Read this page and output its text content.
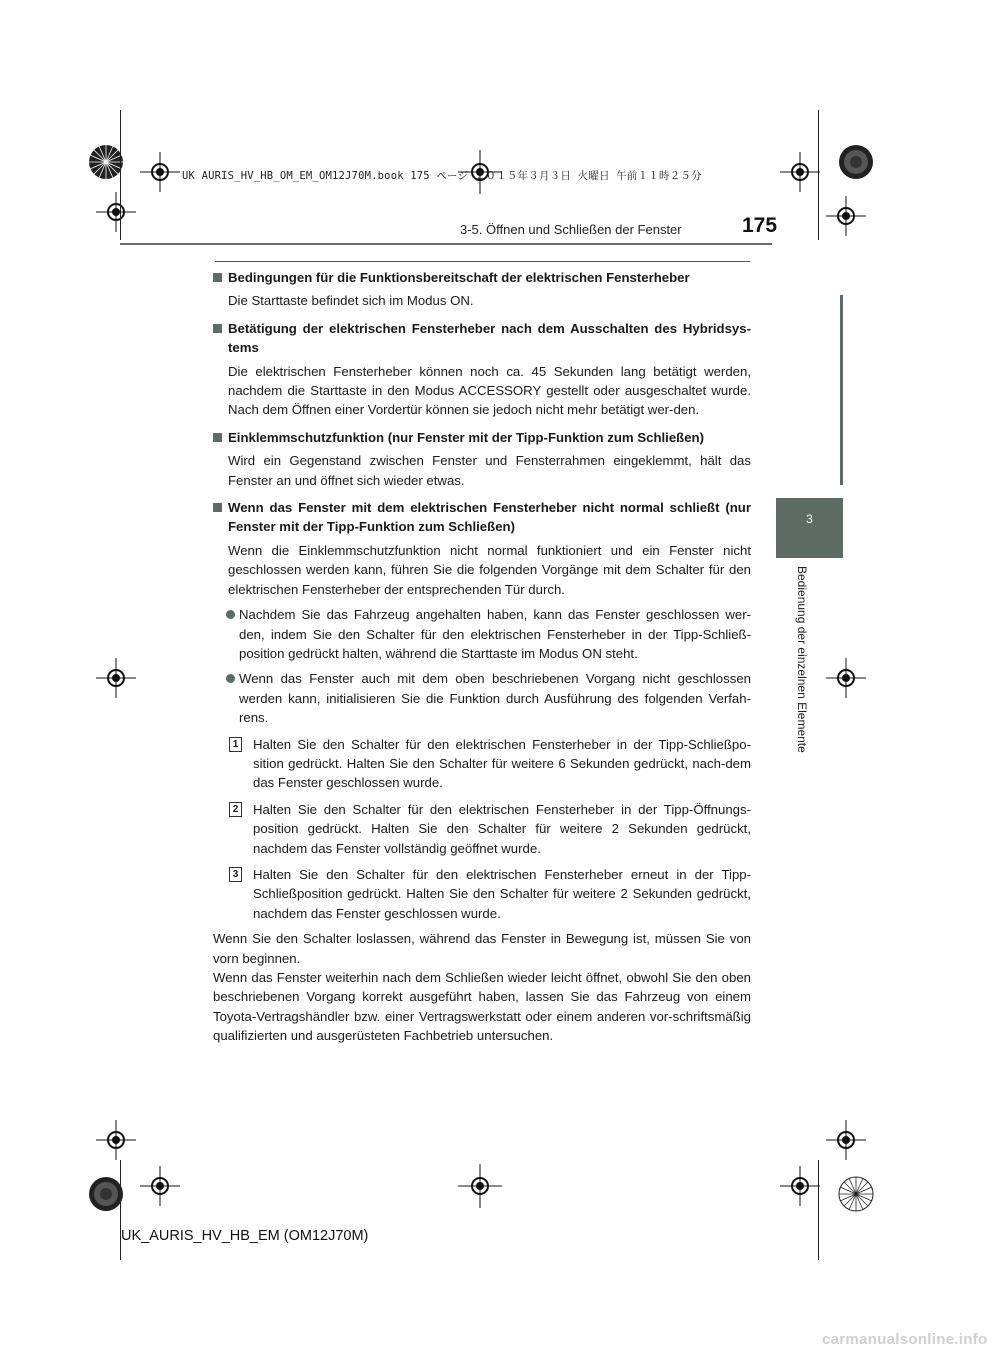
UK AURIS_HV_HB_OM_EM_OM12J70M.book 175 ページ ２０１５年３月３日 火曜日 午前１１時２５分
3-5. Öffnen und Schließen der Fenster	175
3
Bedienung der einzelnen Elemente

Bedingungen für die Funktionsbereitschaft der elektrischen Fensterheber

Die Starttaste befindet sich im Modus ON.

Betätigung der elektrischen Fensterheber nach dem Ausschalten des Hybridsys-tems

Die elektrischen Fensterheber können noch ca. 45 Sekunden lang betätigt werden, nachdem die Starttaste in den Modus ACCESSORY gestellt oder ausgeschaltet wurde. Nach dem Öffnen einer Vordertür können sie jedoch nicht mehr betätigt wer-den.

Einklemmschutzfunktion (nur Fenster mit der Tipp-Funktion zum Schließen)

Wird ein Gegenstand zwischen Fenster und Fensterrahmen eingeklemmt, hält das Fenster an und öffnet sich wieder etwas.

Wenn das Fenster mit dem elektrischen Fensterheber nicht normal schließt (nur Fenster mit der Tipp-Funktion zum Schließen)

Wenn die Einklemmschutzfunktion nicht normal funktioniert und ein Fenster nicht geschlossen werden kann, führen Sie die folgenden Vorgänge mit dem Schalter für den elektrischen Fensterheber der entsprechenden Tür durch.

Nachdem Sie das Fahrzeug angehalten haben, kann das Fenster geschlossen wer-den, indem Sie den Schalter für den elektrischen Fensterheber in der Tipp-Schließ-position gedrückt halten, während die Starttaste im Modus ON steht.

Wenn das Fenster auch mit dem oben beschriebenen Vorgang nicht geschlossen werden kann, initialisieren Sie die Funktion durch Ausführung des folgenden Verfah-rens.

1 Halten Sie den Schalter für den elektrischen Fensterheber in der Tipp-Schließpo-sition gedrückt. Halten Sie den Schalter für weitere 6 Sekunden gedrückt, nach-dem das Fenster geschlossen wurde.

2 Halten Sie den Schalter für den elektrischen Fensterheber in der Tipp-Öffnungs-position gedrückt. Halten Sie den Schalter für weitere 2 Sekunden gedrückt, nachdem das Fenster vollständig geöffnet wurde.

3 Halten Sie den Schalter für den elektrischen Fensterheber erneut in der Tipp-Schließposition gedrückt. Halten Sie den Schalter für weitere 2 Sekunden gedrückt, nachdem das Fenster geschlossen wurde.

Wenn Sie den Schalter loslassen, während das Fenster in Bewegung ist, müssen Sie von vorn beginnen.

Wenn das Fenster weiterhin nach dem Schließen wieder leicht öffnet, obwohl Sie den oben beschriebenen Vorgang korrekt ausgeführt haben, lassen Sie das Fahrzeug von einem Toyota-Vertragshändler bzw. einer Vertragswerkstatt oder einem anderen vor-schriftsmäßig qualifizierten und ausgerüsteten Fachbetrieb untersuchen.

UK_AURIS_HV_HB_EM (OM12J70M)
carmanualsonline.info
